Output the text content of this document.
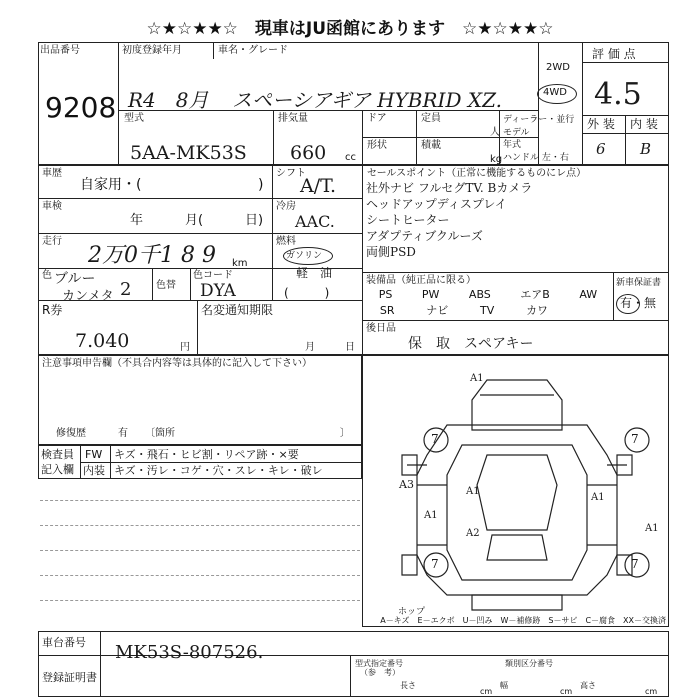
☆★☆★★☆　現車はJU函館にあります　☆★☆★★☆
出品番号
9208
初度登録年月	車名・グレード
R4　8月 スペーシアギア HYBRID XZ.
2WD
4WD
評 価 点
4.5
外 装 内 装
6 B
型式
5AA-MK53S
排気量
660 cc
ドア	定員
人
形状	積載
kg
ディーラー・並行
モデル
年式
ハンドル 左・右
車歴
自家用・(	)
車検
年	月(	日)
走行
2万0千1 8 9 km
色 ブルー
カンメタ 2 色替
色コード
DYA
シフト
A/T.
冷房
AAC.
燃料
ガソリン
軽　油
(　　　)
R券
7.040	円
名変通知期限
月	日
セールスポイント（正常に機能するものにレ点）
社外ナビ フルセグTV. Bカメラ
ヘッドアップディスプレイ
シートヒーター
アダプティブクルーズ
両側PSD
装備品（純正品に限る）	新車保証書
有・無
PS	PW	ABS	エアB	AW
SR	ナビ	TV	カワ
後日品
保　取　スペアキー
注意事項申告欄（不具合内容等は具体的に記入して下さい）
修復歴	有 〔箇所	〕
検査員
記入欄
FW キズ・飛石・ヒビ割・リペア跡・×要
内装 キズ・汚レ・コゲ・穴・スレ・キレ・破レ
A1
7	7
A3
A1
A1
A2
7	7
A1
A1
ホップ
A－キズ　E－エクボ　U－凹み　W－補修跡　S－サビ　C－腐食　XX－交換済
車台番号 MK53S-807526.
登録証明書
型式指定番号	類別区分番号
（参　考）
長さ
cm
幅
cm
高さ
cm
